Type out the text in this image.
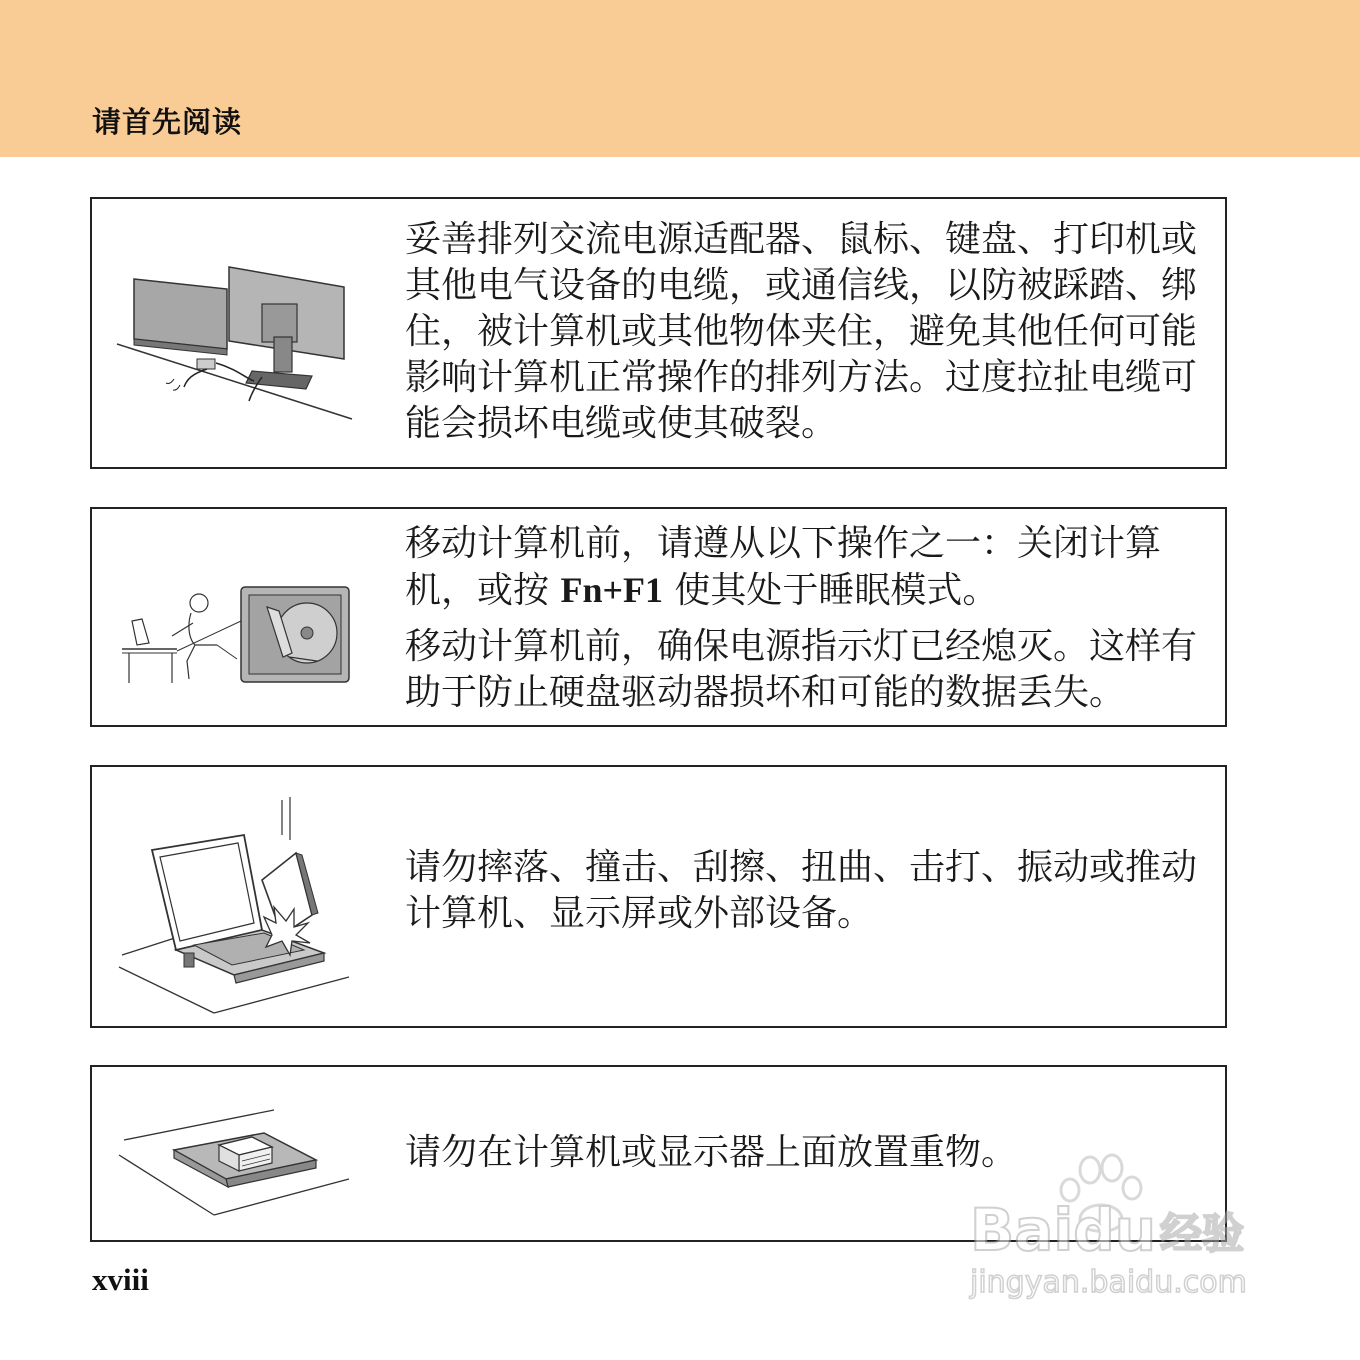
请首先阅读
妥善排列交流电源适配器、鼠标、键盘、打印机或其他电气设备的电缆，或通信线，以防被踩踏、绑住，被计算机或其他物体夹住，避免其他任何可能影响计算机正常操作的排列方法。过度拉扯电缆可能会损坏电缆或使其破裂。

移动计算机前，请遵从以下操作之一：关闭计算机，或按 Fn+F1 使其处于睡眠模式。

移动计算机前，确保电源指示灯已经熄灭。这样有助于防止硬盘驱动器损坏和可能的数据丢失。

请勿摔落、撞击、刮擦、扭曲、击打、振动或推动计算机、显示屏或外部设备。
请勿在计算机或显示器上面放置重物。
xviii
Baidu 经验
jingyan.baidu.com
